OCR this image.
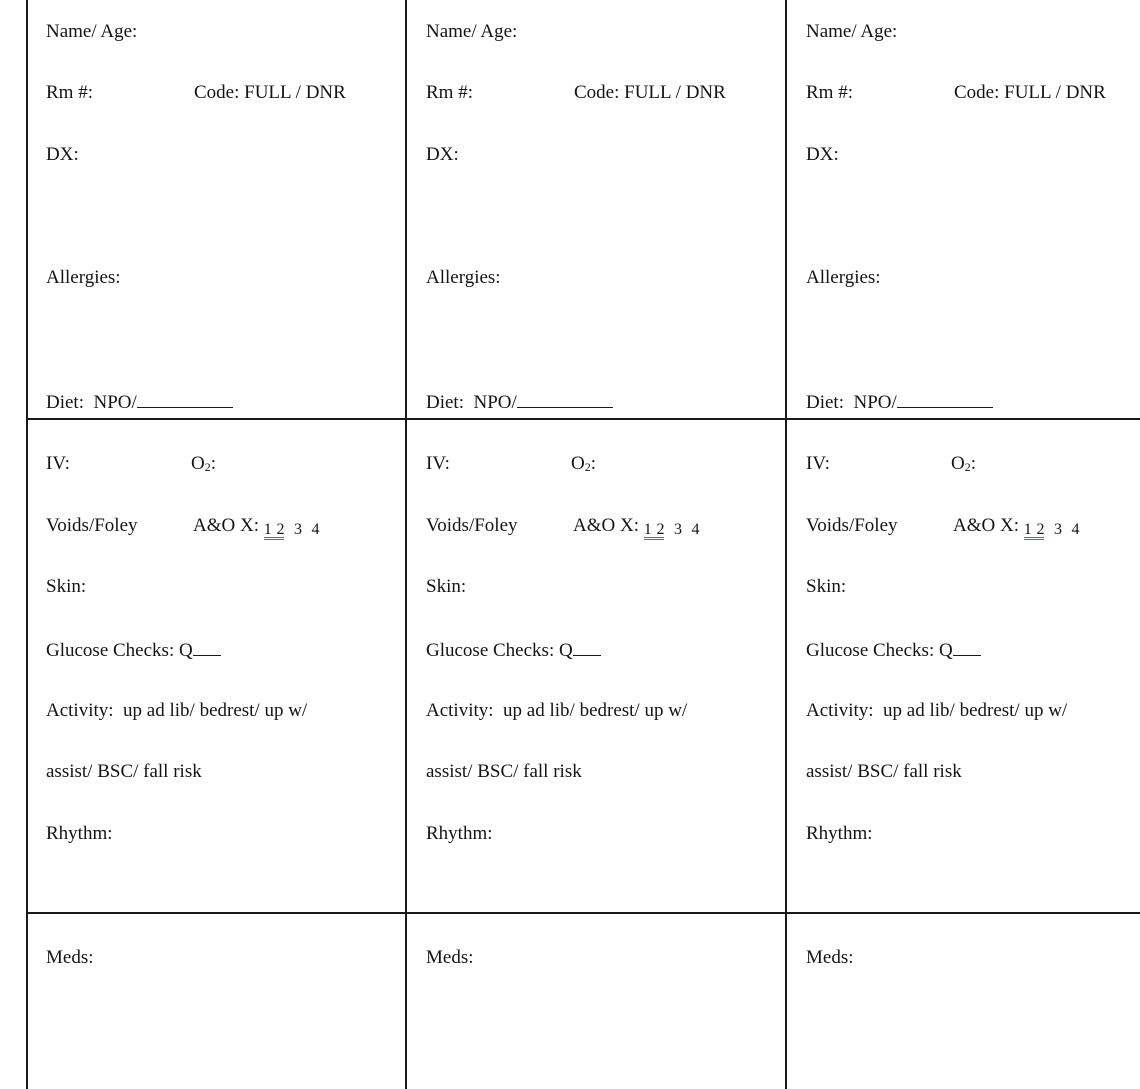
Name/ Age:
Rm #:	Code: FULL / DNR
DX:
Allergies:
Diet:  NPO/
IV:	O2:
Voids/Foley	A&O X: 1 2 3 4
Skin:
Glucose Checks: Q
Activity:  up ad lib/ bedrest/ up w/
assist/ BSC/ fall risk
Rhythm:
Meds:
Name/ Age:
Rm #:	Code: FULL / DNR
DX:
Allergies:
Diet:  NPO/
IV:	O2:
Voids/Foley	A&O X: 1 2 3 4
Skin:
Glucose Checks: Q
Activity:  up ad lib/ bedrest/ up w/
assist/ BSC/ fall risk
Rhythm:
Meds:
Name/ Age:
Rm #:	Code: FULL / DNR
DX:
Allergies:
Diet:  NPO/
IV:	O2:
Voids/Foley	A&O X: 1 2 3 4
Skin:
Glucose Checks: Q
Activity:  up ad lib/ bedrest/ up w/
assist/ BSC/ fall risk
Rhythm:
Meds:
